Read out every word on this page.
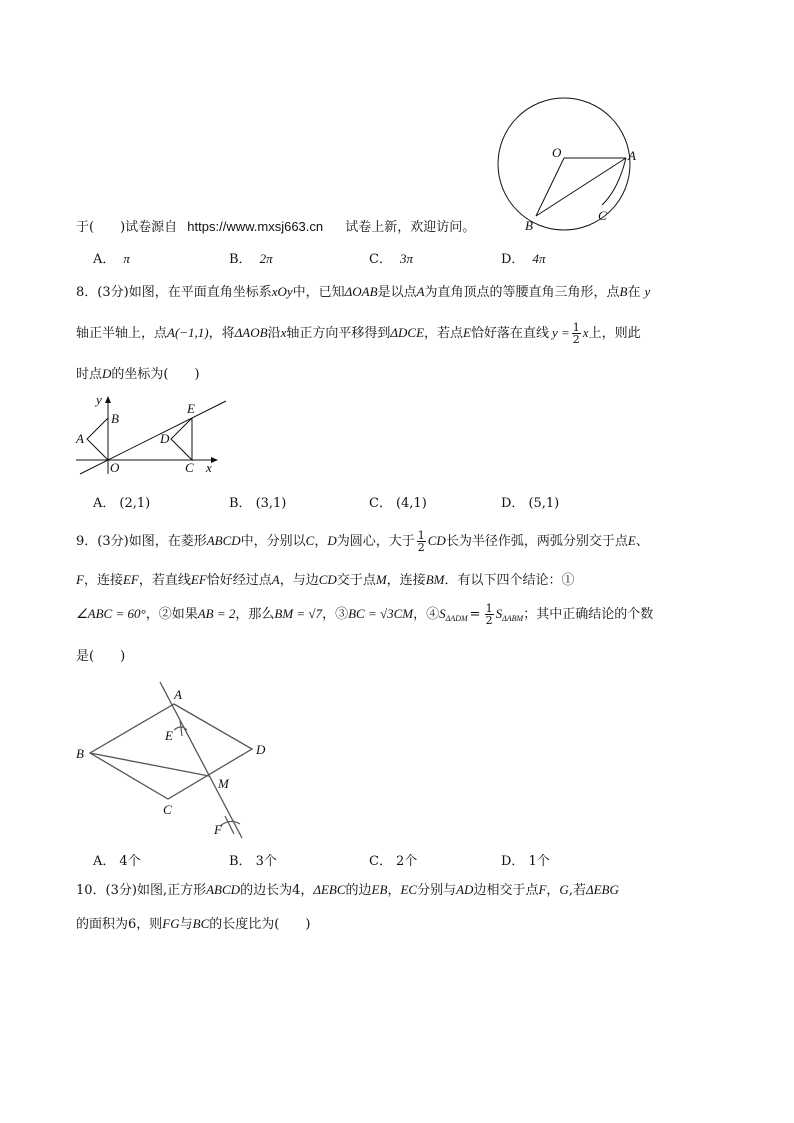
O	A
B
C
于(　　)试卷源自 https://www.mxsj663.cn 试卷上新，欢迎访问。
A． π	B． 2π	C． 3π	D． 4π
8．(3分)如图，在平面直角坐标系xOy中，已知ΔOAB是以点A为直角顶点的等腰直角三角形，点B在 y
轴正半轴上，点A(−1,1)，将ΔAOB沿x轴正方向平移得到ΔDCE，若点E恰好落在直线 $y = \frac{1}{2}$ x上，则此
时点D的坐标为(　　)
y
x
O
A
B
C
D
E
A． (2,1)	B． (3,1)	C． (4,1)	D． (5,1)
9．(3分)如图，在菱形ABCD中，分别以C，D为圆心，大于 $\frac{1}{2}$ CD长为半径作弧，两弧分别交于点E、
F，连接EF，若直线EF恰好经过点A，与边CD交于点M，连接BM．有以下四个结论：①
∠ABC = 60°，②如果AB = 2，那么BM = √7，③BC = √3CM，$④S_{\Delta ADM} = \frac{1}{2} S_{\Delta ABM}$；其中正确结论的个数
是(　　)
A
B
C
D
E
F
M
A． 4个	B． 3个	C． 2个	D． 1个
10．(3分)如图,正方形ABCD的边长为4，ΔEBC的边EB，EC分别与AD边相交于点F，G,若ΔEBG
的面积为6，则FG与BC的长度比为(　　)
